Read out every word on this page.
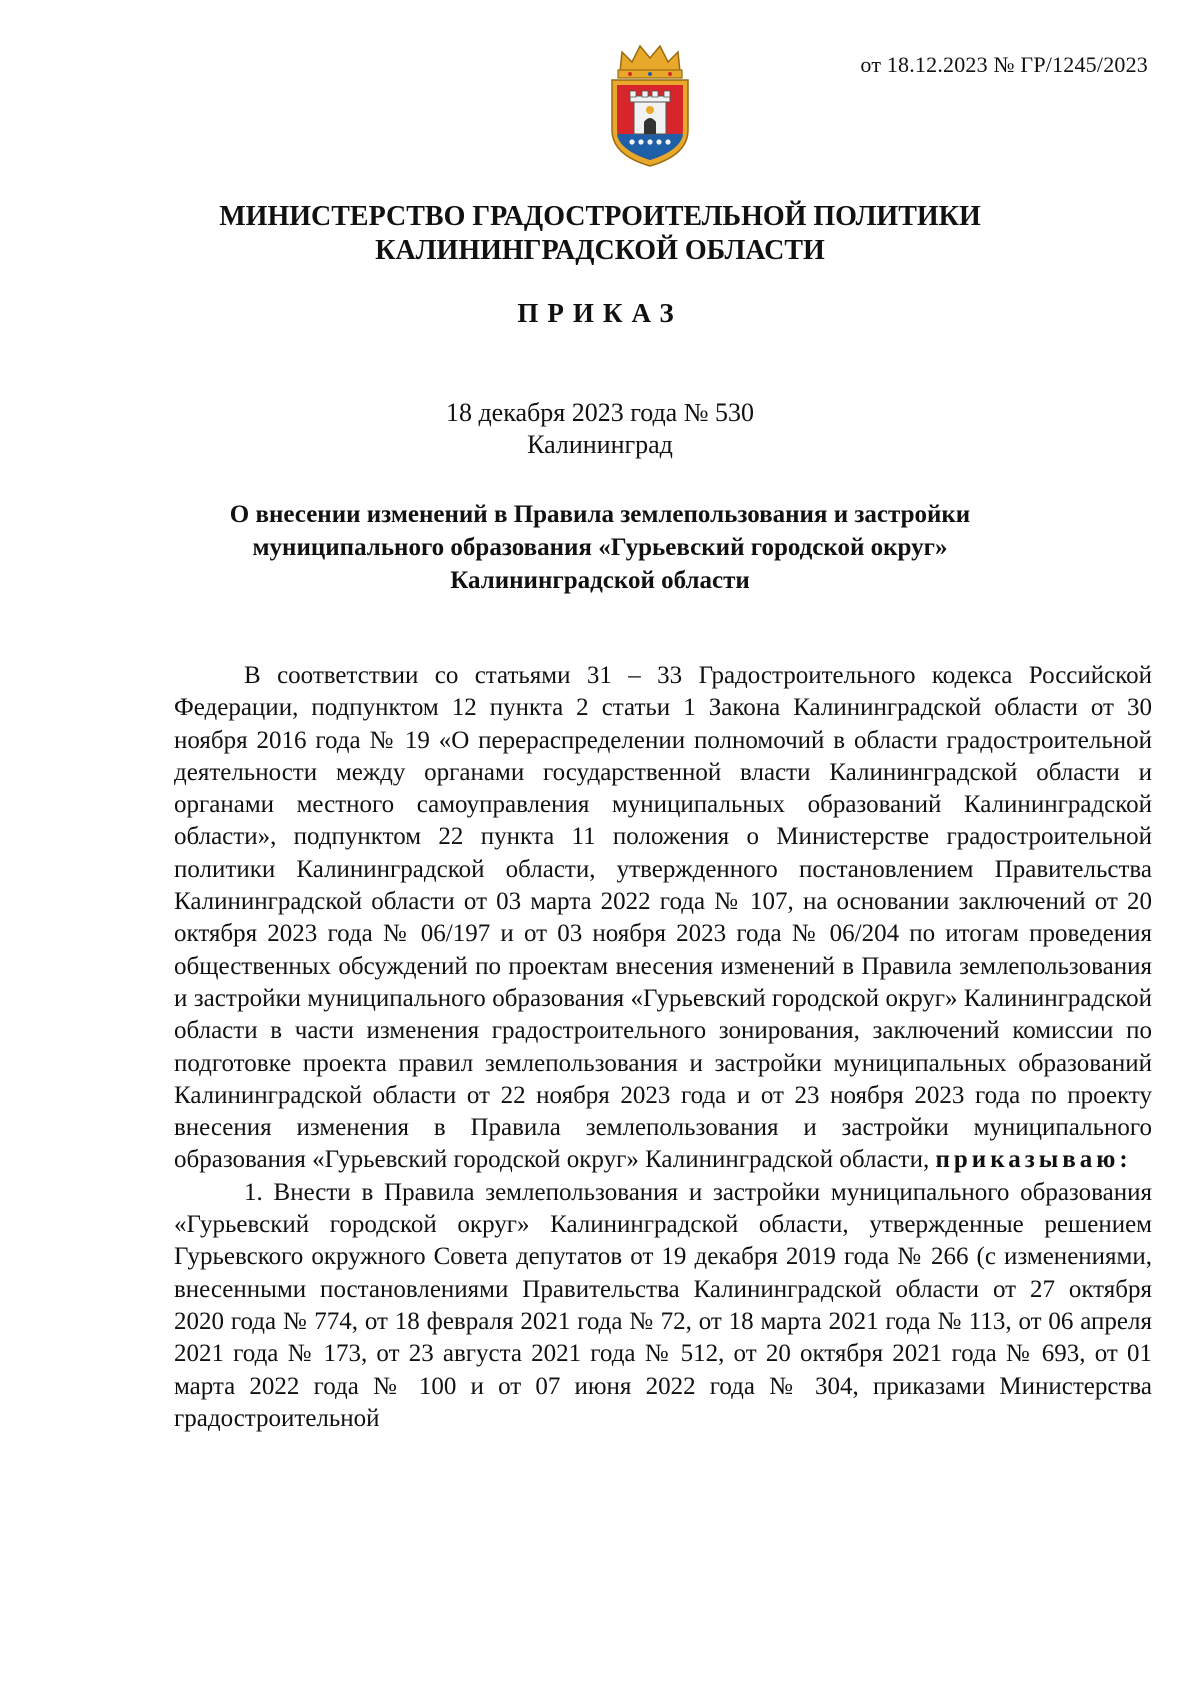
от 18.12.2023 № ГР/1245/2023
МИНИСТЕРСТВО ГРАДОСТРОИТЕЛЬНОЙ ПОЛИТИКИ
КАЛИНИНГРАДСКОЙ ОБЛАСТИ
ПРИКАЗ
18 декабря 2023 года № 530
Калининград
О внесении изменений в Правила землепользования и застройки
муниципального образования «Гурьевский городской округ»
Калининградской области

В соответствии со статьями 31 – 33 Градостроительного кодекса Российской Федерации, подпунктом 12 пункта 2 статьи 1 Закона Калининградской области от 30 ноября 2016 года № 19 «О перераспределении полномочий в области градостроительной деятельности между органами государственной власти Калининградской области и органами местного самоуправления муниципальных образований Калининградской области», подпунктом 22 пункта 11 положения о Министерстве градостроительной политики Калининградской области, утвержденного постановлением Правительства Калининградской области от 03 марта 2022 года № 107, на основании заключений от 20 октября 2023 года № 06/197 и от 03 ноября 2023 года № 06/204 по итогам проведения общественных обсуждений по проектам внесения изменений в Правила землепользования и застройки муниципального образования «Гурьевский городской округ» Калининградской области в части изменения градостроительного зонирования, заключений комиссии по подготовке проекта правил землепользования и застройки муниципальных образований Калининградской области от 22 ноября 2023 года и от 23 ноября 2023 года по проекту внесения изменения в Правила землепользования и застройки муниципального образования «Гурьевский городской округ» Калининградской области, приказываю:

1. Внести в Правила землепользования и застройки муниципального образования «Гурьевский городской округ» Калининградской области, утвержденные решением Гурьевского окружного Совета депутатов от 19 декабря 2019 года № 266 (с изменениями, внесенными постановлениями Правительства Калининградской области от 27 октября 2020 года № 774, от 18 февраля 2021 года № 72, от 18 марта 2021 года № 113, от 06 апреля 2021 года № 173, от 23 августа 2021 года № 512, от 20 октября 2021 года № 693, от 01 марта 2022 года № 100 и от 07 июня 2022 года № 304, приказами Министерства градостроительной
